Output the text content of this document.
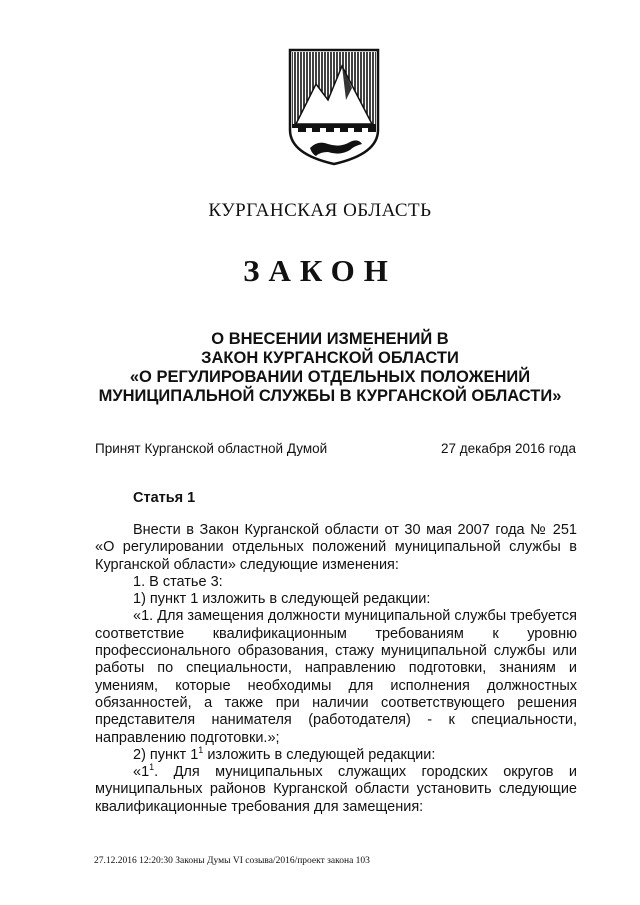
КУРГАНСКАЯ ОБЛАСТЬ
ЗАКОН
О ВНЕСЕНИИ ИЗМЕНЕНИЙ В
ЗАКОН КУРГАНСКОЙ ОБЛАСТИ
«О РЕГУЛИРОВАНИИ ОТДЕЛЬНЫХ ПОЛОЖЕНИЙ
МУНИЦИПАЛЬНОЙ СЛУЖБЫ В КУРГАНСКОЙ ОБЛАСТИ»
Принят Курганской областной Думой	27 декабря 2016 года
Статья 1

Внести в Закон Курганской области от 30 мая 2007 года № 251 «О регулировании отдельных положений муниципальной службы в Курганской области» следующие изменения:

1. В статье 3:

1) пункт 1 изложить в следующей редакции:

«1. Для замещения должности муниципальной службы требуется соответствие квалификационным требованиям к уровню профессионального образования, стажу муниципальной службы или работы по специальности, направлению подготовки, знаниям и умениям, которые необходимы для исполнения должностных обязанностей, а также при наличии соответствующего решения представителя нанимателя (работодателя) - к специальности, направлению подготовки.»;

2) пункт $1^1$ изложить в следующей редакции:

«$1^1$. Для муниципальных служащих городских округов и муниципальных районов Курганской области установить следующие квалификационные требования для замещения:

27.12.2016 12:20:30 Законы Думы VI созыва/2016/проект закона 103
